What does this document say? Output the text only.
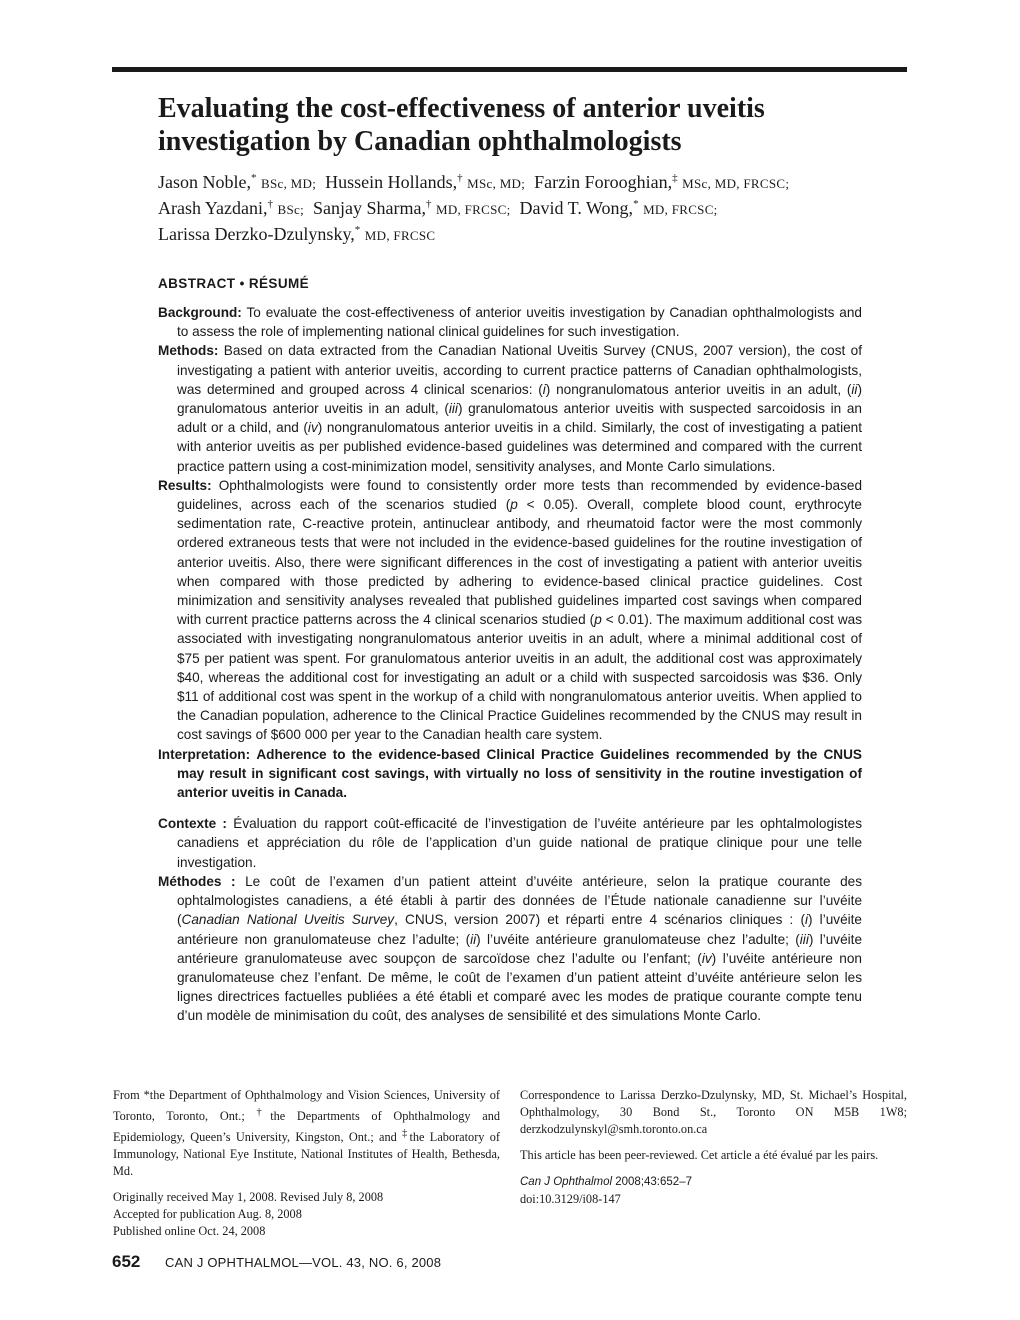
Evaluating the cost-effectiveness of anterior uveitis investigation by Canadian ophthalmologists
Jason Noble,* BSc, MD; Hussein Hollands,† MSc, MD; Farzin Forooghian,‡ MSc, MD, FRCSC;
Arash Yazdani,† BSc; Sanjay Sharma,† MD, FRCSC; David T. Wong,* MD, FRCSC;
Larissa Derzko-Dzulynsky,* MD, FRCSC
ABSTRACT • RÉSUMÉ

Background: To evaluate the cost-effectiveness of anterior uveitis investigation by Canadian ophthalmologists and to assess the role of implementing national clinical guidelines for such investigation.

Methods: Based on data extracted from the Canadian National Uveitis Survey (CNUS, 2007 version), the cost of investigating a patient with anterior uveitis, according to current practice patterns of Canadian ophthalmologists, was determined and grouped across 4 clinical scenarios: (i) nongranulomatous anterior uveitis in an adult, (ii) granulomatous anterior uveitis in an adult, (iii) granulomatous anterior uveitis with suspected sarcoidosis in an adult or a child, and (iv) nongranulomatous anterior uveitis in a child. Similarly, the cost of investigating a patient with anterior uveitis as per published evidence-based guidelines was determined and compared with the current practice pattern using a cost-minimization model, sensitivity analyses, and Monte Carlo simulations.

Results: Ophthalmologists were found to consistently order more tests than recommended by evidence-based guidelines, across each of the scenarios studied (p < 0.05). Overall, complete blood count, erythrocyte sedimentation rate, C-reactive protein, antinuclear antibody, and rheumatoid factor were the most commonly ordered extraneous tests that were not included in the evidence-based guidelines for the routine investigation of anterior uveitis. Also, there were significant differences in the cost of investigating a patient with anterior uveitis when compared with those predicted by adhering to evidence-based clinical practice guidelines. Cost minimization and sensitivity analyses revealed that published guidelines imparted cost savings when compared with current practice patterns across the 4 clinical scenarios studied (p < 0.01). The maximum additional cost was associated with investigating nongranulomatous anterior uveitis in an adult, where a minimal additional cost of $75 per patient was spent. For granulomatous anterior uveitis in an adult, the additional cost was approximately $40, whereas the additional cost for investigating an adult or a child with suspected sarcoidosis was $36. Only $11 of additional cost was spent in the workup of a child with nongranulomatous anterior uveitis. When applied to the Canadian population, adherence to the Clinical Practice Guidelines recommended by the CNUS may result in cost savings of $600 000 per year to the Canadian health care system.

Interpretation: Adherence to the evidence-based Clinical Practice Guidelines recommended by the CNUS may result in significant cost savings, with virtually no loss of sensitivity in the routine investigation of anterior uveitis in Canada.

Contexte : Évaluation du rapport coût-efficacité de l’investigation de l’uvéite antérieure par les ophtalmologistes canadiens et appréciation du rôle de l’application d’un guide national de pratique clinique pour une telle investigation.

Méthodes : Le coût de l’examen d’un patient atteint d’uvéite antérieure, selon la pratique courante des ophtalmologistes canadiens, a été établi à partir des données de l’Étude nationale canadienne sur l’uvéite (Canadian National Uveitis Survey, CNUS, version 2007) et réparti entre 4 scénarios cliniques : (i) l’uvéite antérieure non granulomateuse chez l’adulte; (ii) l’uvéite antérieure granulomateuse chez l’adulte; (iii) l’uvéite antérieure granulomateuse avec soupçon de sarcoïdose chez l’adulte ou l’enfant; (iv) l’uvéite antérieure non granulomateuse chez l’enfant. De même, le coût de l’examen d’un patient atteint d’uvéite antérieure selon les lignes directrices factuelles publiées a été établi et comparé avec les modes de pratique courante compte tenu d’un modèle de minimisation du coût, des analyses de sensibilité et des simulations Monte Carlo.

From *the Department of Ophthalmology and Vision Sciences, University of Toronto, Toronto, Ont.; †the Departments of Ophthalmology and Epidemiology, Queen’s University, Kingston, Ont.; and ‡the Laboratory of Immunology, National Eye Institute, National Institutes of Health, Bethesda, Md.

Originally received May 1, 2008. Revised July 8, 2008
Accepted for publication Aug. 8, 2008
Published online Oct. 24, 2008

Correspondence to Larissa Derzko-Dzulynsky, MD, St. Michael’s Hospital, Ophthalmology, 30 Bond St., Toronto ON M5B 1W8; derzkodzulynskyl@smh.toronto.on.ca

This article has been peer-reviewed. Cet article a été évalué par les pairs.

Can J Ophthalmol 2008;43:652–7
doi:10.3129/i08-147

652 CAN J OPHTHALMOL—VOL. 43, NO. 6, 2008
